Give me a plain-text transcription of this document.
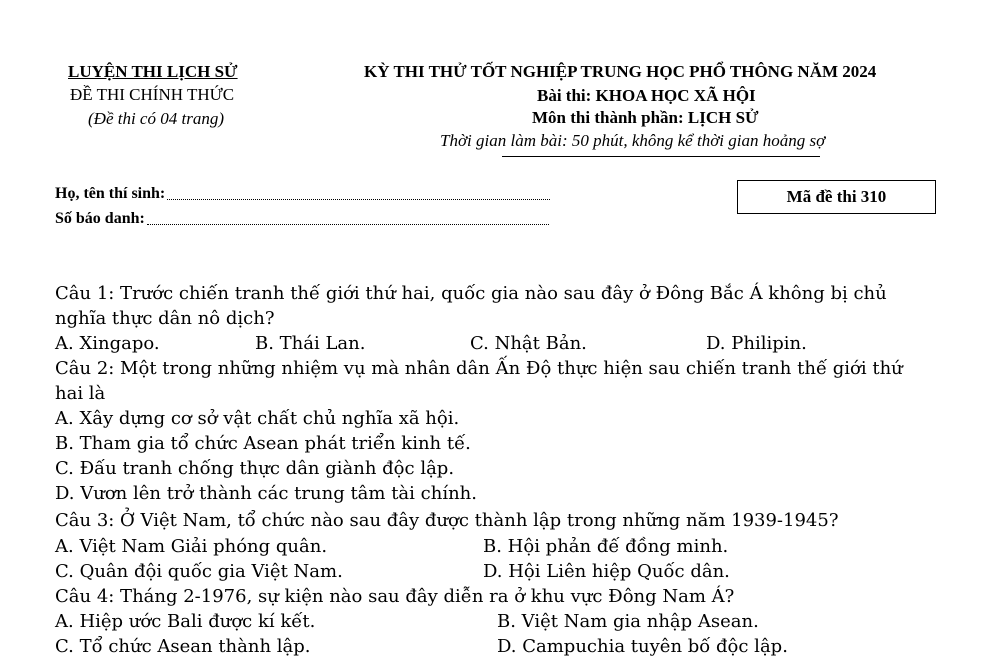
LUYỆN THI LỊCH SỬ
ĐỀ THI CHÍNH THỨC
(Đề thi có 04 trang)
KỲ THI THỬ TỐT NGHIỆP TRUNG HỌC PHỔ THÔNG NĂM 2024
Bài thi: KHOA HỌC XÃ HỘI
Môn thi thành phần: LỊCH SỬ
Thời gian làm bài: 50 phút, không kể thời gian hoảng sợ
Họ, tên thí sinh:
Số báo danh:
Mã đề thi 310
Câu 1: Trước chiến tranh thế giới thứ hai, quốc gia nào sau đây ở Đông Bắc Á không bị chủ
nghĩa thực dân nô dịch?
A. Xingapo.	B. Thái Lan.	C. Nhật Bản.	D. Philipin.
Câu 2: Một trong những nhiệm vụ mà nhân dân Ấn Độ thực hiện sau chiến tranh thế giới thứ
hai là
A. Xây dựng cơ sở vật chất chủ nghĩa xã hội.
B. Tham gia tổ chức Asean phát triển kinh tế.
C. Đấu tranh chống thực dân giành độc lập.
D. Vươn lên trở thành các trung tâm tài chính.
Câu 3: Ở Việt Nam, tổ chức nào sau đây được thành lập trong những năm 1939-1945?
A. Việt Nam Giải phóng quân.	B. Hội phản đế đồng minh.
C. Quân đội quốc gia Việt Nam.	D. Hội Liên hiệp Quốc dân.
Câu 4: Tháng 2-1976, sự kiện nào sau đây diễn ra ở khu vực Đông Nam Á?
A. Hiệp ước Bali được kí kết.	B. Việt Nam gia nhập Asean.
C. Tổ chức Asean thành lập.	D. Campuchia tuyên bố độc lập.
